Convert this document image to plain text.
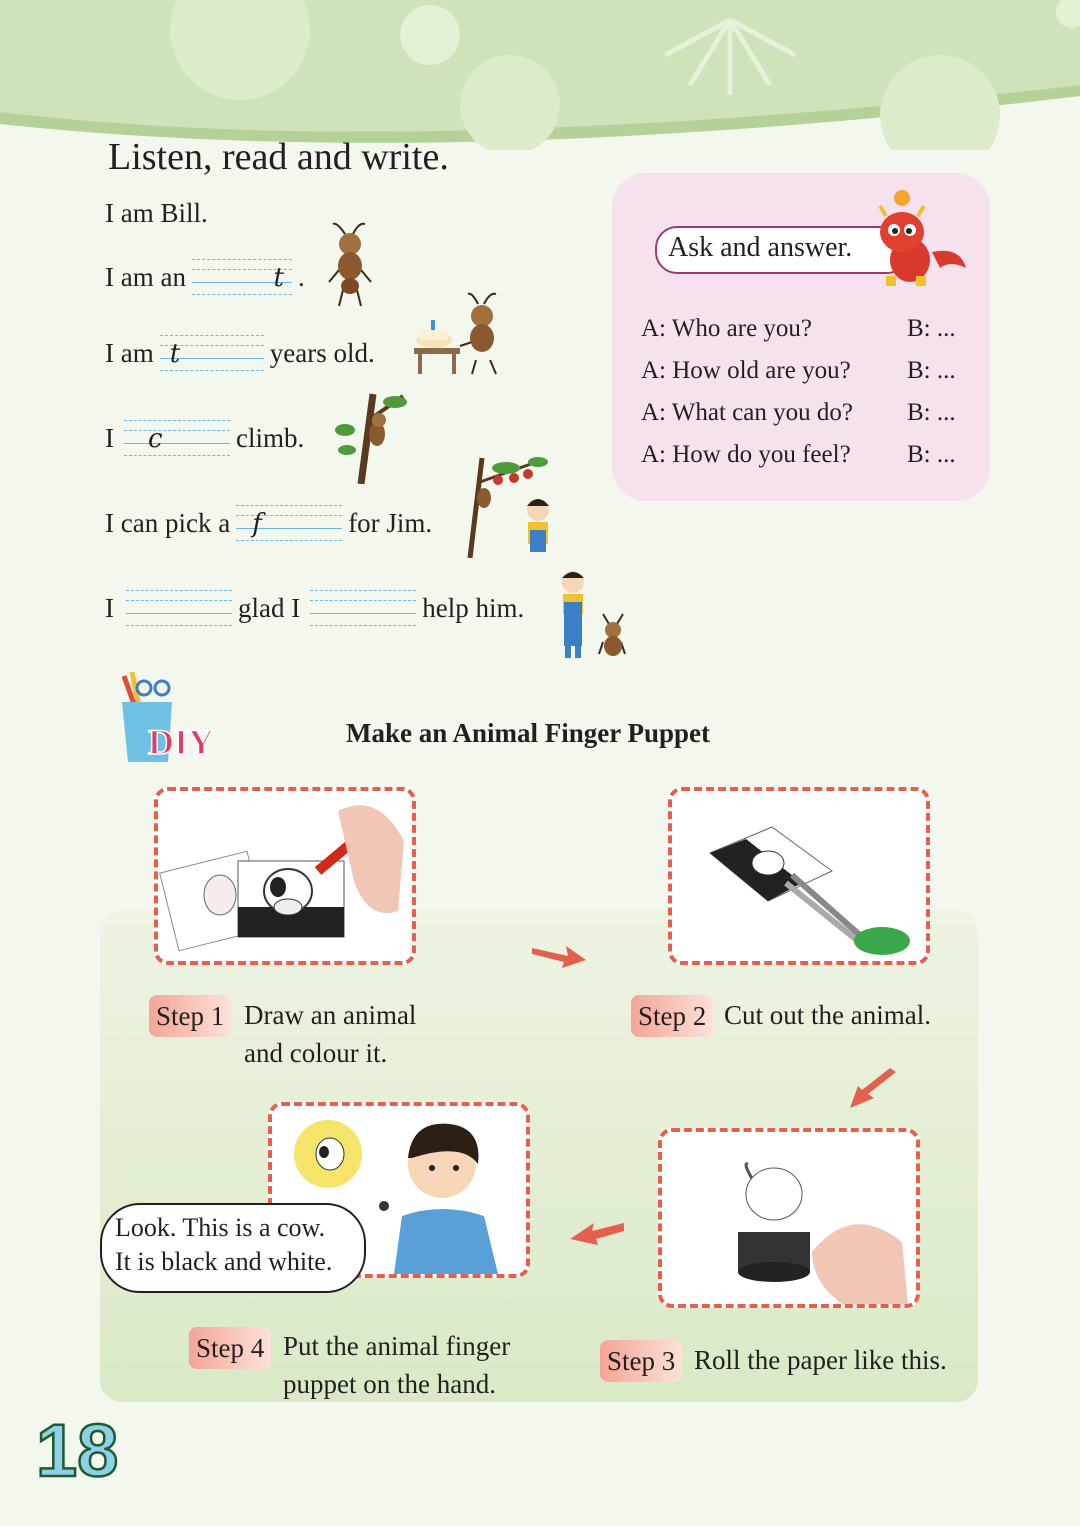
Listen, read and write.
I am Bill.
I am an	t .
I am t	years old.
I	c	climb.
I can pick a f	for Jim.
I	glad I	help him.
Ask and answer.
A: Who are you?	B: ...
A: How old are you? B: ...
A: What can you do? B: ...
A: How do you feel? B: ...
DIY	Make an Animal Finger Puppet
Step 1 Draw an animal
and colour it.
Step 2 Cut out the animal.
Look. This is a cow.
It is black and white.
Step 3 Roll the paper like this.
Step 4 Put the animal finger
puppet on the hand.
18
